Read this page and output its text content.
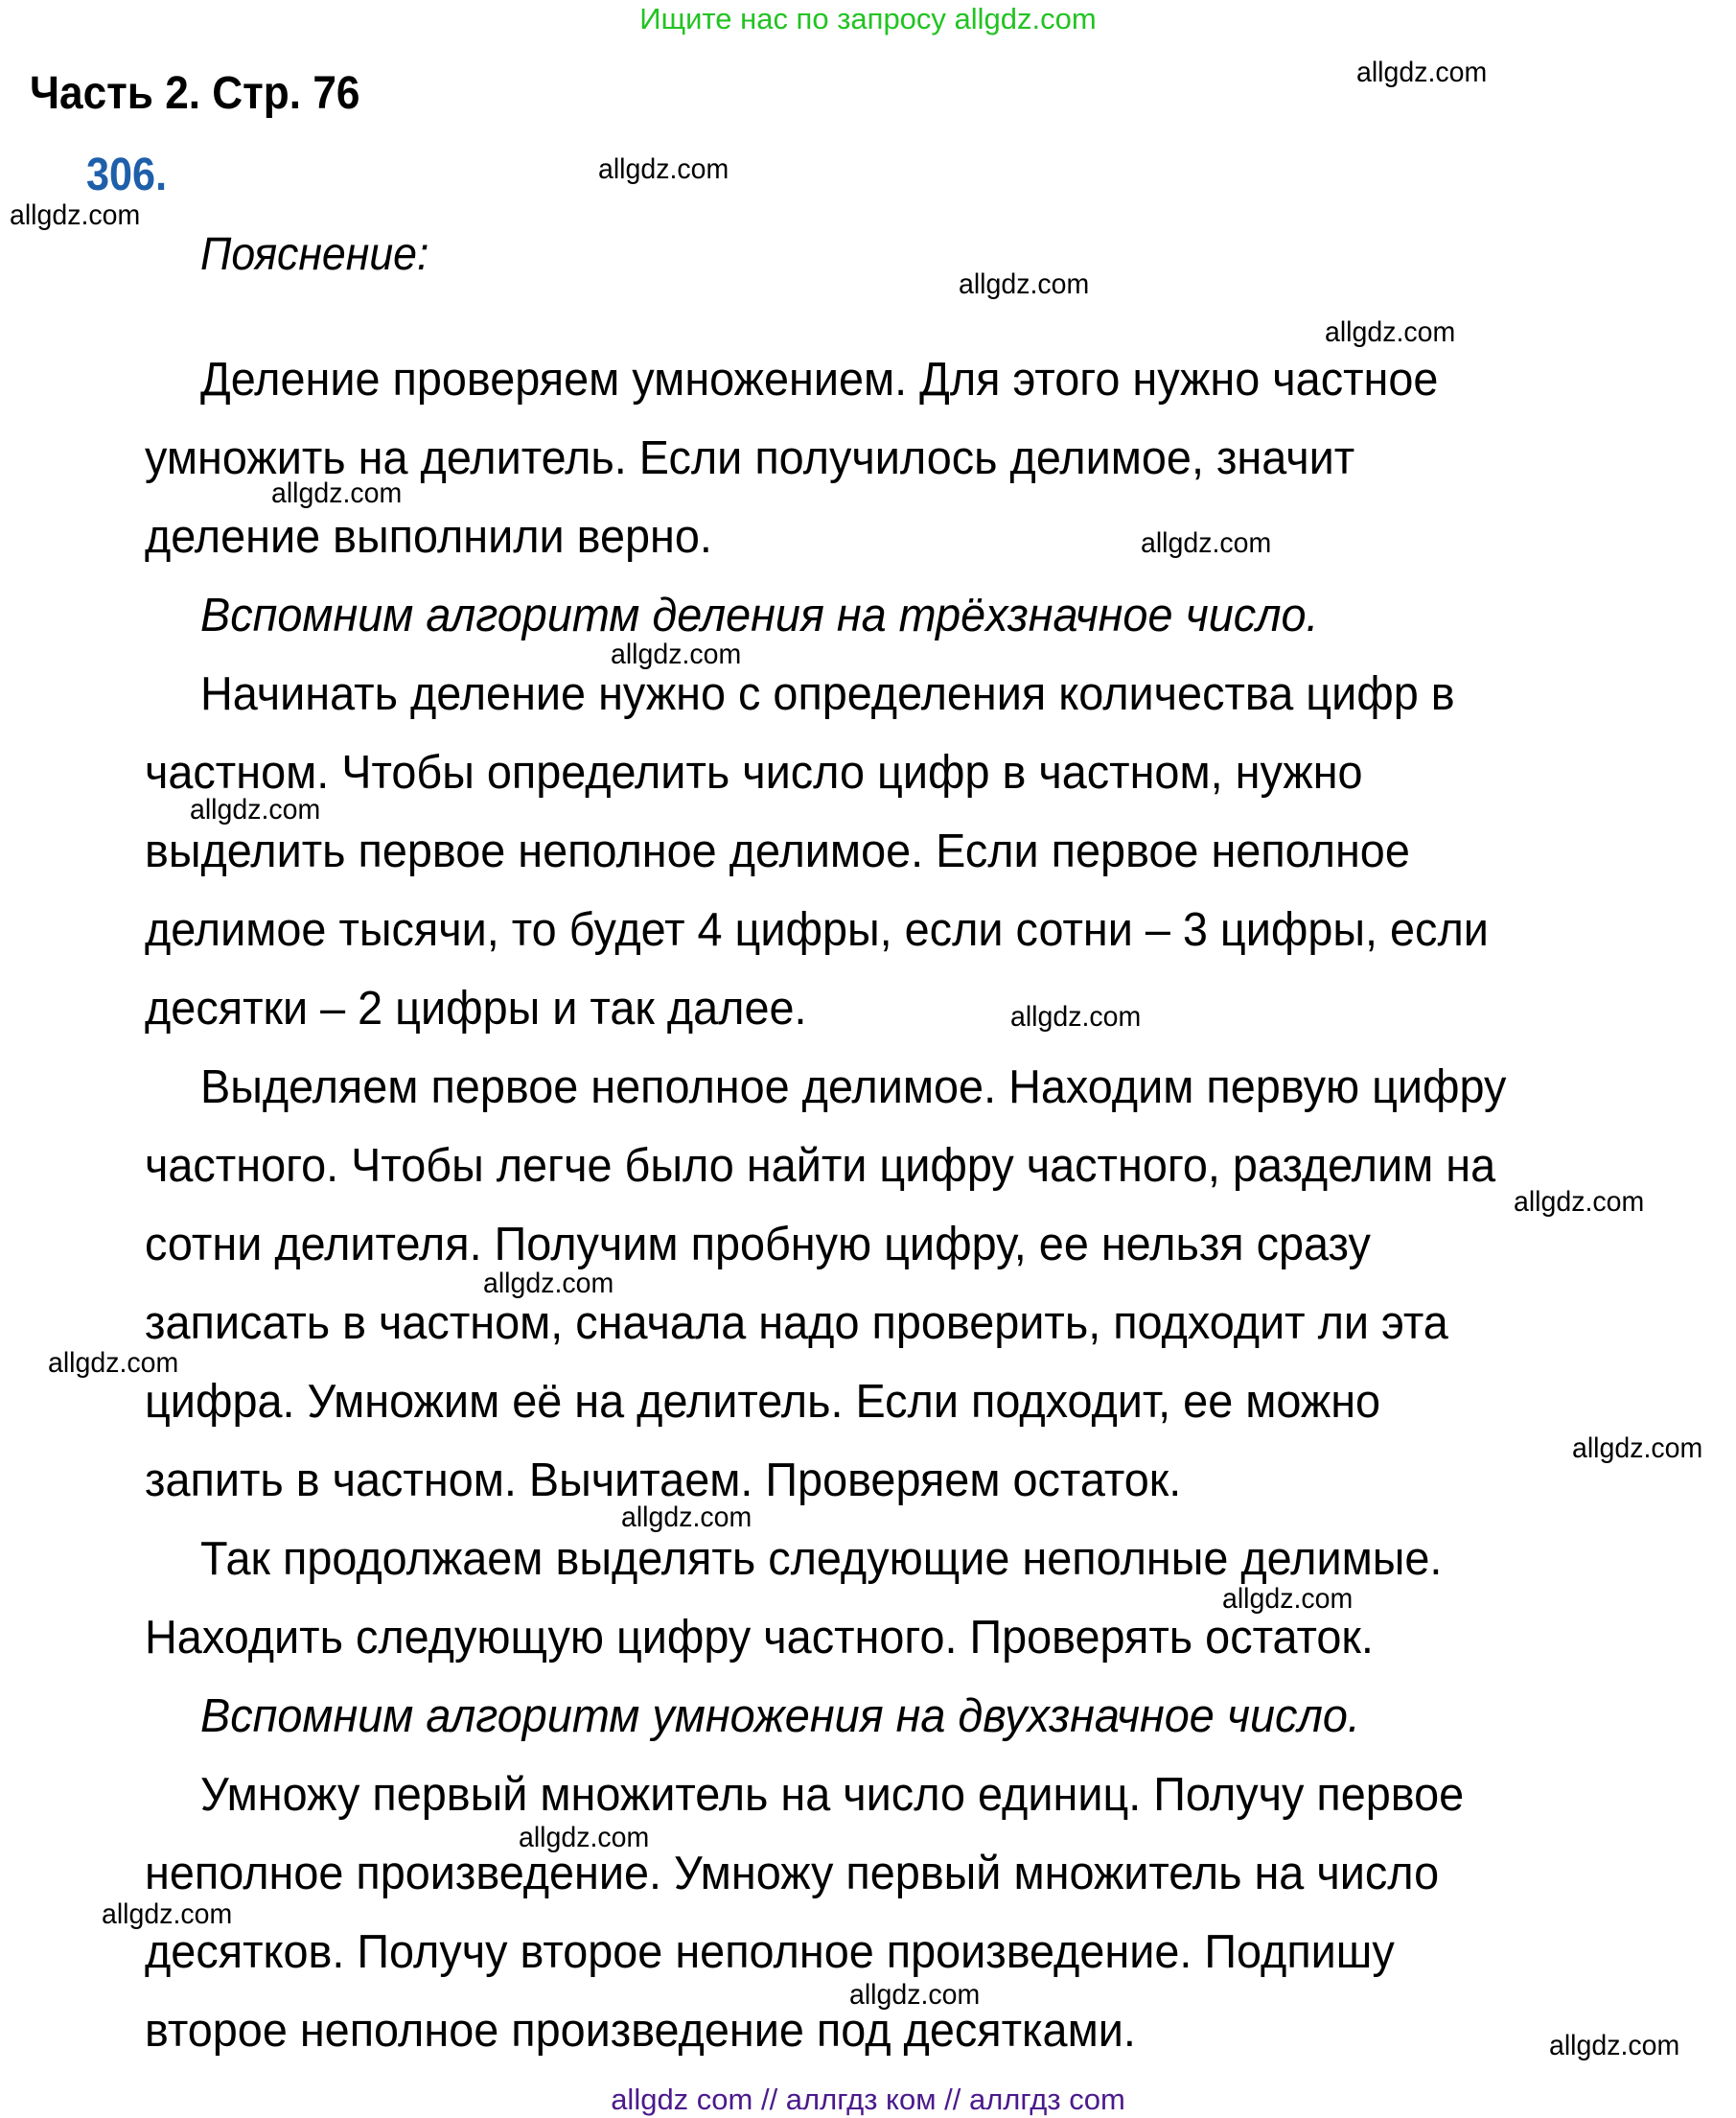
Ищите нас по запросу allgdz.com
Часть 2. Стр. 76
306.
Пояснение:
Деление проверяем умножением. Для этого нужно частное
умножить на делитель. Если получилось делимое, значит
деление выполнили верно.
Вспомним алгоритм деления на трёхзначное число.
Начинать деление нужно с определения количества цифр в
частном. Чтобы определить число цифр в частном, нужно
выделить первое неполное делимое. Если первое неполное
делимое тысячи, то будет 4 цифры, если сотни – 3 цифры, если
десятки – 2 цифры и так далее.
Выделяем первое неполное делимое. Находим первую цифру
частного. Чтобы легче было найти цифру частного, разделим на
сотни делителя. Получим пробную цифру, ее нельзя сразу
записать в частном, сначала надо проверить, подходит ли эта
цифра. Умножим её на делитель. Если подходит, ее можно
запить в частном. Вычитаем. Проверяем остаток.
Так продолжаем выделять следующие неполные делимые.
Находить следующую цифру частного. Проверять остаток.
Вспомним алгоритм умножения на двухзначное число.
Умножу первый множитель на число единиц. Получу первое
неполное произведение. Умножу первый множитель на число
десятков. Получу второе неполное произведение. Подпишу
второе неполное произведение под десятками.
allgdz.com
allgdz.com
allgdz.com
allgdz.com
allgdz.com
allgdz.com
allgdz.com
allgdz.com
allgdz.com
allgdz.com
allgdz.com
allgdz.com
allgdz.com
allgdz.com
allgdz.com
allgdz.com
allgdz.com
allgdz.com
allgdz.com
allgdz.com
allgdz com // аллгдз ком // аллгдз com
